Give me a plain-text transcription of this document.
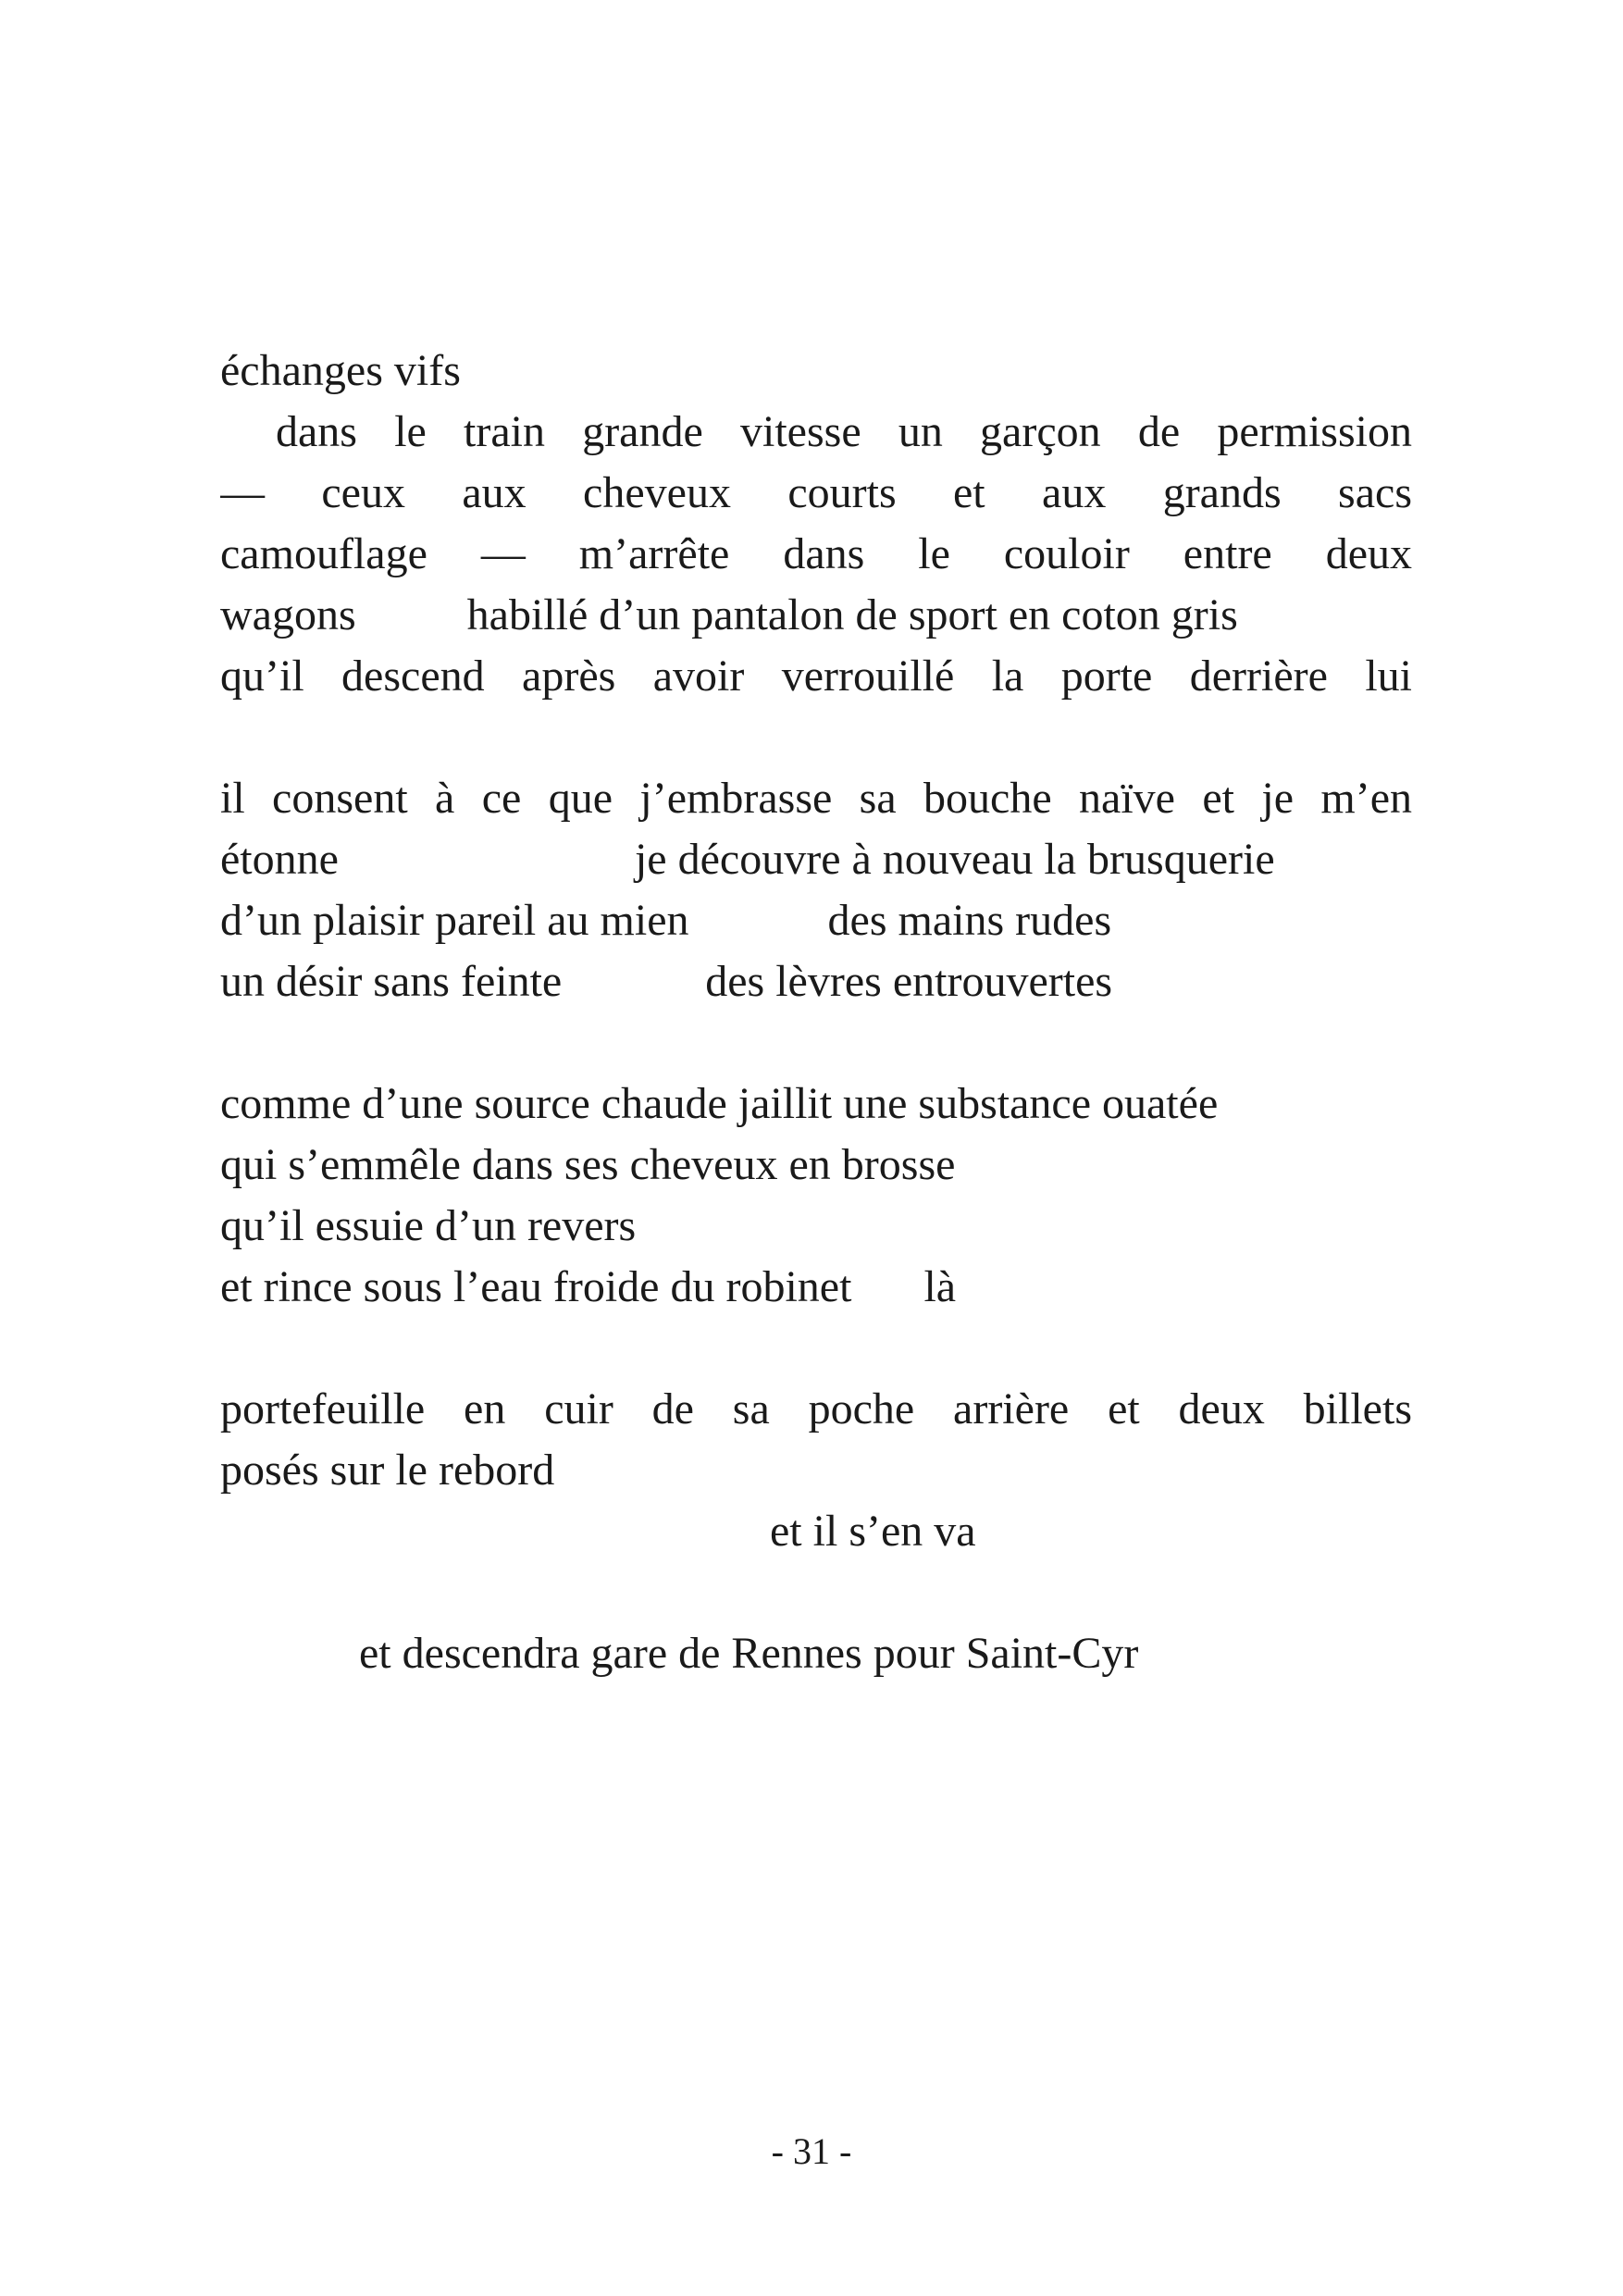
échanges vifs
dans le train grande vitesse un garçon de permission
— ceux aux cheveux courts et aux grands sacs
camouflage — m’arrête dans le couloir entre deux
wagons	habillé d’un pantalon de sport en coton gris
qu’il descend après avoir verrouillé la porte derrière lui
il consent à ce que j’embrasse sa bouche naïve et je m’en
étonne	je découvre à nouveau la brusquerie
d’un plaisir pareil au mien	des mains rudes
un désir sans feinte	des lèvres entrouvertes
comme d’une source chaude jaillit une substance ouatée
qui s’emmêle dans ses cheveux en brosse
qu’il essuie d’un revers
et rince sous l’eau froide du robinet là
portefeuille en cuir de sa poche arrière et deux billets
posés sur le rebord
et il s’en va
et descendra gare de Rennes pour Saint-Cyr
- 31 -
